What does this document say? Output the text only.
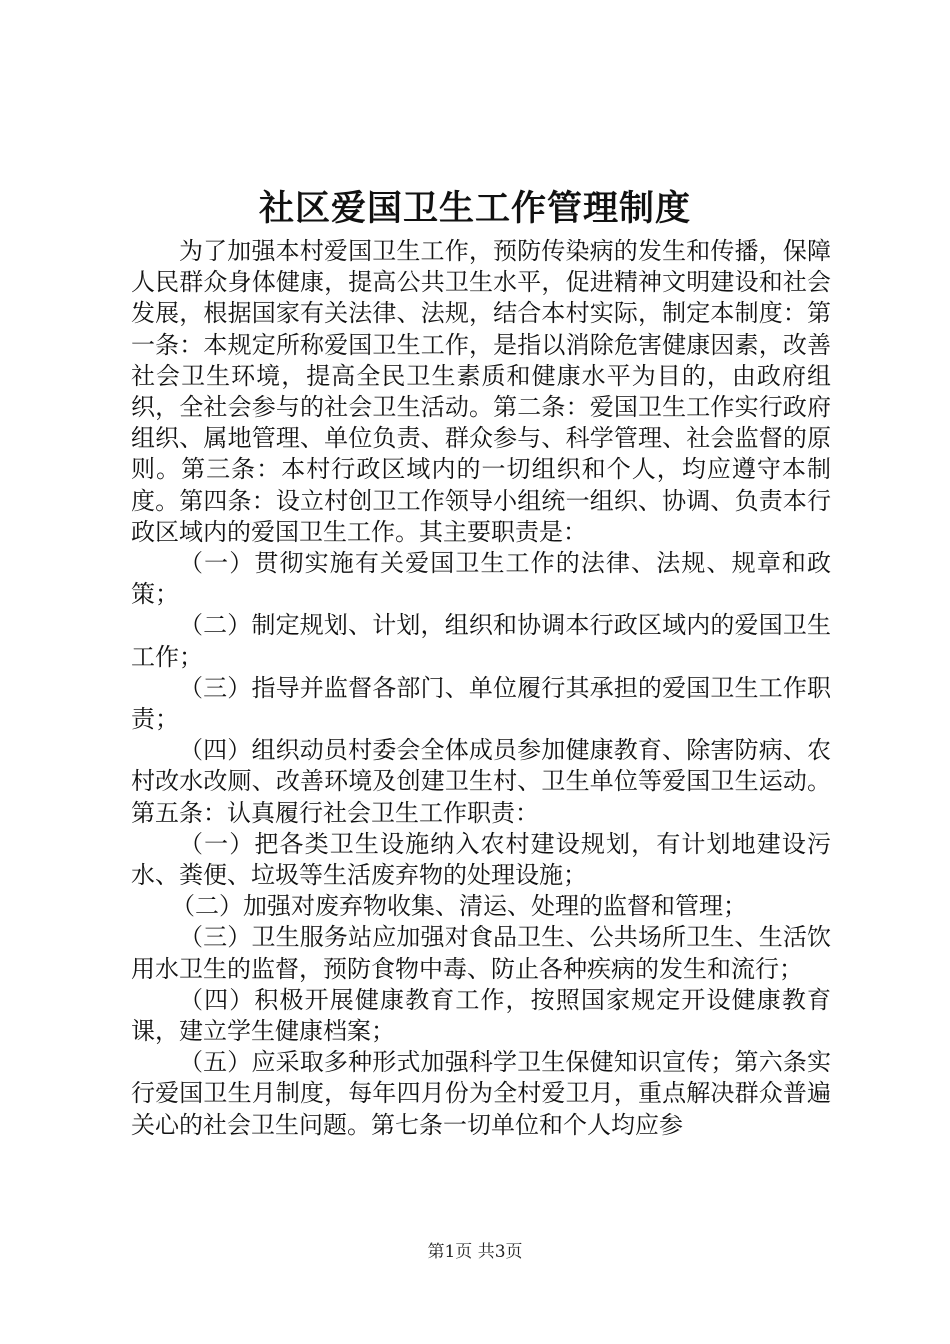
社区爱国卫生工作管理制度

为了加强本村爱国卫生工作，预防传染病的发生和传播，保障人民群众身体健康，提高公共卫生水平，促进精神文明建设和社会发展，根据国家有关法律、法规，结合本村实际，制定本制度：第一条：本规定所称爱国卫生工作，是指以消除危害健康因素，改善社会卫生环境，提高全民卫生素质和健康水平为目的，由政府组织，全社会参与的社会卫生活动。第二条：爱国卫生工作实行政府组织、属地管理、单位负责、群众参与、科学管理、社会监督的原则。第三条：本村行政区域内的一切组织和个人，均应遵守本制度。第四条：设立村创卫工作领导小组统一组织、协调、负责本行政区域内的爱国卫生工作。其主要职责是：

（一）贯彻实施有关爱国卫生工作的法律、法规、规章和政策；

（二）制定规划、计划，组织和协调本行政区域内的爱国卫生工作；

（三）指导并监督各部门、单位履行其承担的爱国卫生工作职责；

（四）组织动员村委会全体成员参加健康教育、除害防病、农村改水改厕、改善环境及创建卫生村、卫生单位等爱国卫生运动。第五条：认真履行社会卫生工作职责：

（一）把各类卫生设施纳入农村建设规划，有计划地建设污水、粪便、垃圾等生活废弃物的处理设施；

（二）加强对废弃物收集、清运、处理的监督和管理；

（三）卫生服务站应加强对食品卫生、公共场所卫生、生活饮用水卫生的监督，预防食物中毒、防止各种疾病的发生和流行；

（四）积极开展健康教育工作，按照国家规定开设健康教育课，建立学生健康档案；

（五）应采取多种形式加强科学卫生保健知识宣传；第六条实行爱国卫生月制度，每年四月份为全村爱卫月，重点解决群众普遍关心的社会卫生问题。第七条一切单位和个人均应参

第1页 共3页
